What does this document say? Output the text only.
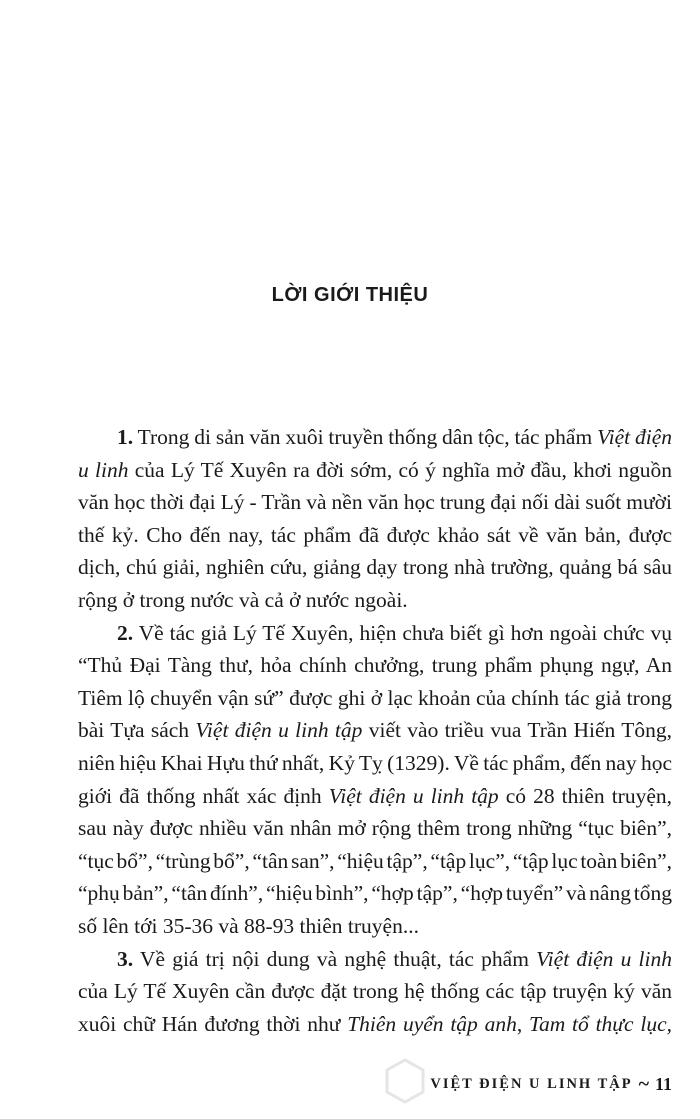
LỜI GIỚI THIỆU
1. Trong di sản văn xuôi truyền thống dân tộc, tác phẩm Việt điện
u linh của Lý Tế Xuyên ra đời sớm, có ý nghĩa mở đầu, khơi nguồn
văn học thời đại Lý - Trần và nền văn học trung đại nối dài suốt mười
thế kỷ. Cho đến nay, tác phẩm đã được khảo sát về văn bản, được
dịch, chú giải, nghiên cứu, giảng dạy trong nhà trường, quảng bá sâu
rộng ở trong nước và cả ở nước ngoài.
2. Về tác giả Lý Tế Xuyên, hiện chưa biết gì hơn ngoài chức vụ
“Thủ Đại Tàng thư, hỏa chính chưởng, trung phẩm phụng ngự, An
Tiêm lộ chuyển vận sứ” được ghi ở lạc khoản của chính tác giả trong
bài Tựa sách Việt điện u linh tập viết vào triều vua Trần Hiến Tông,
niên hiệu Khai Hựu thứ nhất, Kỷ Tỵ (1329). Về tác phẩm, đến nay học
giới đã thống nhất xác định Việt điện u linh tập có 28 thiên truyện,
sau này được nhiều văn nhân mở rộng thêm trong những “tục biên”,
“tục bổ”, “trùng bổ”, “tân san”, “hiệu tập”, “tập lục”, “tập lục toàn biên”,
“phụ bản”, “tân đính”, “hiệu bình”, “hợp tập”, “hợp tuyển” và nâng tổng
số lên tới 35-36 và 88-93 thiên truyện...
3. Về giá trị nội dung và nghệ thuật, tác phẩm Việt điện u linh
của Lý Tế Xuyên cần được đặt trong hệ thống các tập truyện ký văn
xuôi chữ Hán đương thời như Thiên uyển tập anh, Tam tổ thực lục,
VIỆT ĐIỆN U LINH TẬP ~ 11
